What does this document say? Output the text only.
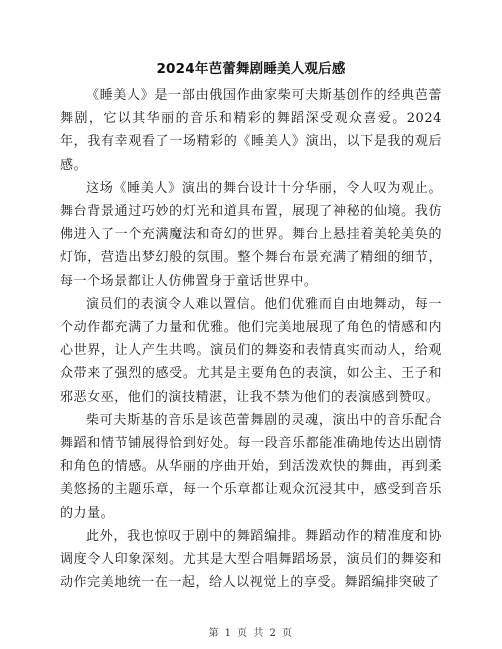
2024年芭蕾舞剧睡美人观后感

《睡美人》是一部由俄国作曲家柴可夫斯基创作的经典芭蕾舞剧，它以其华丽的音乐和精彩的舞蹈深受观众喜爱。2024年，我有幸观看了一场精彩的《睡美人》演出，以下是我的观后感。

这场《睡美人》演出的舞台设计十分华丽，令人叹为观止。舞台背景通过巧妙的灯光和道具布置，展现了神秘的仙境。我仿佛进入了一个充满魔法和奇幻的世界。舞台上悬挂着美轮美奂的灯饰，营造出梦幻般的氛围。整个舞台布景充满了精细的细节，每一个场景都让人仿佛置身于童话世界中。

演员们的表演令人难以置信。他们优雅而自由地舞动，每一个动作都充满了力量和优雅。他们完美地展现了角色的情感和内心世界，让人产生共鸣。演员们的舞姿和表情真实而动人，给观众带来了强烈的感受。尤其是主要角色的表演，如公主、王子和邪恶女巫，他们的演技精湛，让我不禁为他们的表演感到赞叹。

柴可夫斯基的音乐是该芭蕾舞剧的灵魂，演出中的音乐配合舞蹈和情节铺展得恰到好处。每一段音乐都能准确地传达出剧情和角色的情感。从华丽的序曲开始，到活泼欢快的舞曲，再到柔美悠扬的主题乐章，每一个乐章都让观众沉浸其中，感受到音乐的力量。

此外，我也惊叹于剧中的舞蹈编排。舞蹈动作的精准度和协调度令人印象深刻。尤其是大型合唱舞蹈场景，演员们的舞姿和动作完美地统一在一起，给人以视觉上的享受。舞蹈编排突破了

第 1 页 共 2 页
